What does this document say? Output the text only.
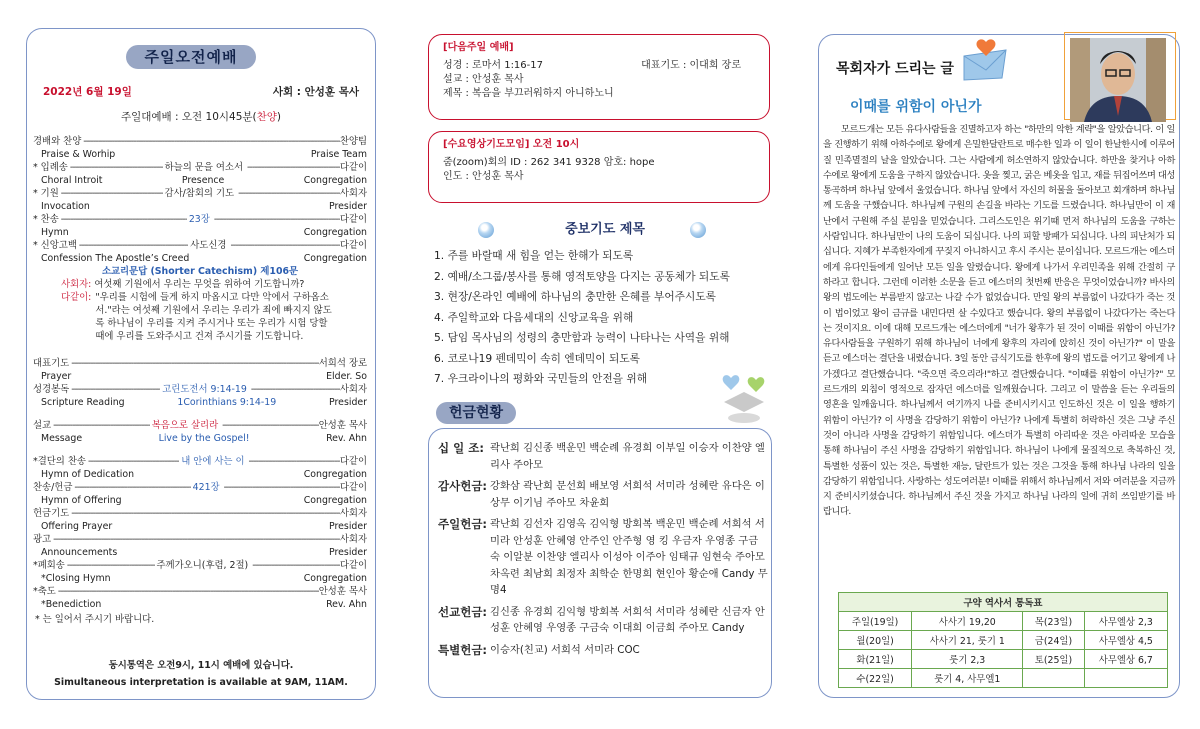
주일오전예배
2022년 6월 19일	사회 : 안성훈 목사
주일대예배 : 오전 10시45분(찬양)
경배와 찬양 -----	찬양팀
Praise & Worhip	Praise Team
* 입례송 -----	하늘의 문을 여소서 -----	다같이
Choral Introit	Presence	Congregation
* 기원 -----	감사/참회의 기도 -----	사회자
Invocation	Presider
* 찬송 -----	23장 -----	다같이
Hymn	Congregation
* 신앙고백 -----	사도신경 -----	다같이
Confession The Apostle’s Creed	Congregation
소교리문답 (Shorter Catechism) 제106문
사회자: 여섯째 기원에서 우리는 무엇을 위하여 기도합니까?
다같이: "우리를 시험에 들게 하지 마옵시고 다만 악에서 구하옵소서."라는 여섯째 기원에서 우리는 우리가 죄에 빠지지 않도록 하나님이 우리를 지켜 주시거나 또는 우리가 시험 당할 때에 우리를 도와주시고 건져 주시기를 기도합니다.
대표기도 -----	서희석 장로
Prayer	Elder. So
성경봉독 -----	고린도전서 9:14-19 -----	사회자
Scripture Reading	1Corinthians 9:14-19	Presider
설교 -----	복음으로 살리라 -----	안성훈 목사
Message	Live by the Gospel!	Rev. Ahn
*결단의 찬송 -----	내 안에 사는 이 -----	다같이
Hymn of Dedication	Congregation
찬송/헌금 -----	421장 -----	다같이
Hymn of Offering	Congregation
헌금기도 -----	사회자
Offering Prayer	Presider
광고 -----	사회자
Announcements	Presider
*폐회송 -----	주께가오니(후렴, 2절) -----	다같이
*Closing Hymn	Congregation
*축도 -----	안성훈 목사
*Benediction	Rev. Ahn
* 는 일어서 주시기 바랍니다.
동시통역은 오전9시, 11시 예배에 있습니다.
Simultaneous interpretation is available at 9AM, 11AM.
[다음주일 예배]
성경 : 로마서 1:16-17	대표기도 : 이대희 장로
설교 : 안성훈 목사
제목 : 복음을 부끄러워하지 아니하노니
[수요영상기도모임] 오전 10시
줌(zoom)회의 ID : 262 341 9328 암호: hope
인도 : 안성훈 목사
중보기도 제목
1. 주를 바랄때 새 힘을 얻는 한해가 되도록
2. 예배/소그룹/봉사를 통해 영적토양을 다지는 공동체가 되도록
3. 현장/온라인 예배에 하나님의 충만한 은혜를 부어주시도록
4. 주일학교와 다음세대의 신앙교육을 위해
5. 담임 목사님의 성령의 충만함과 능력이 나타나는 사역을 위해
6. 코로나19 펜데믹이 속히 엔데믹이 되도록
7. 우크라이나의 평화와 국민들의 안전을 위해
헌금현황
십 일 조: 곽난희 김신종 백운민 백순례 유경희 이부일 이승자 이찬양 엘리사 주아모
감사헌금: 강화삼 곽난희 문선희 배보영 서희석 서미라 성혜란 유다은 이상무 이기님 주아모 차윤희
주일헌금: 곽난희 김선자 김영옥 김익형 방회복 백운민 백순례 서희석 서미라 안성훈 안혜영 안주인 안주형 영 킹 우금자 우영종 구금숙 이알분 이찬양 엘리사 이성아 이주아 임태규 임현숙 주아모 차옥련 최남희 최정자 최학순 한명희 현인아 황순애 Candy 무명4
선교헌금: 김신종 유경희 김익형 방회복 서희석 서미라 성혜란 신금자 안성훈 안혜영 우영종 구금숙 이대희 이금희 주아모 Candy
특별헌금: 이승자(친교) 서희석 서미라 COC
목회자가 드리는 글
이때를 위함이 아닌가
모르드개는 모든 유다사람들을 진멸하고자 하는 "하만의 악한 계략"을 알았습니다. 이 일을 진행하기 위해 아하수에로 왕에게 은밀한달란트로 매수한 일과 이 일이 한날한시에 이루어질 민족멸절의 날을 알았습니다. 그는 사람에게 허소연하지 않았습니다. 하만을 찾거나 아하수에로 왕에게 도움을 구하지 않았습니다. 옷을 찢고, 굵은 베옷을 입고, 재를 뒤집어쓰며 대성통곡하며 하나님 앞에서 울었습니다. 하나님 앞에서 자신의 허물을 돌아보고 회개하며 하나님께 도움을 구했습니다. 하나님께 구원의 손길을 바라는 기도를 드렸습니다. 하나님만이 이 재난에서 구원해 주실 분임을 믿었습니다. 그리스도인은 위기때 먼저 하나님의 도움을 구하는 사람입니다. 하나님만이 나의 도움이 되십니다. 나의 피할 방패가 되십니다. 나의 피난처가 되십니다. 지혜가 부족한자에게 꾸짖지 아니하시고 후시 주시는 분이십니다. 모르드개는 에스더에게 유다인들에게 일어난 모든 일을 알렸습니다. 왕에게 나가서 우리민족을 위해 간절히 구하라고 합니다. 그런데 이러한 소문을 듣고 에스더의 첫번째 반응은 무엇이었습니까? 바사의 왕의 법도에는 부름받지 않고는 나갈 수가 없었습니다. 만일 왕의 부름없이 나갔다가 죽는 것이 법이었고 왕이 금규를 내민다면 살 수있다고 했습니다. 왕의 부름없이 나갔다가는 죽는다는 것이지요. 이에 대해 모르드개는 에스더에게 "너가 왕후가 된 것이 이때를 위함이 아닌가? 유다사람들을 구원하기 위해 하나님이 너에게 왕후의 자리에 앉히신 것이 아닌가?" 이 말을 듣고 에스더는 결단을 내렸습니다. 3일 동안 금식기도를 한후에 왕의 법도를 어기고 왕에게 나가겠다고 결단했습니다. "죽으면 죽으리라!"하고 결단했습니다. "이때를 위함이 아닌가?" 모르드개의 외침이 영적으로 잠자던 에스더를 일깨웠습니다. 그리고 이 말씀을 듣는 우리들의 영혼을 일깨웁니다. 하나님께서 여기까지 나를 준비시키시고 인도하신 것은 이 일을 행하기 위함이 아닌가? 이 사명을 감당하기 위함이 아닌가? 나에게 특별히 허락하신 것은 그냥 주신 것이 아니라 사명을 감당하기 위함입니다. 에스더가 특별히 아리따운 것은 아리따운 모습을 통해 하나님이 주신 사명을 감당하기 위함입니다. 하나님이 나에게 물질적으로 축복하신 것, 특별한 성품이 있는 것은, 특별한 재능, 달란트가 있는 것은 그것을 통해 하나님 나라의 일을 감당하기 위함입니다. 사랑하는 성도여러분! 이때를 위해서 하나님께서 저와 여러분을 지금까지 준비시키셨습니다. 하나님께서 주신 것을 가지고 하나님 나라의 일에 귀히 쓰임받기를 바랍니다.
구약 역사서 통독표			
주일(19일)	사사기 19,20	목(23일)	사무엘상 2,3
월(20일)	사사기 21, 룻기 1	금(24일)	사무엘상 4,5
화(21일)	룻기 2,3	토(25일)	사무엘상 6,7
수(22일)	룻기 4, 사무엘1		
